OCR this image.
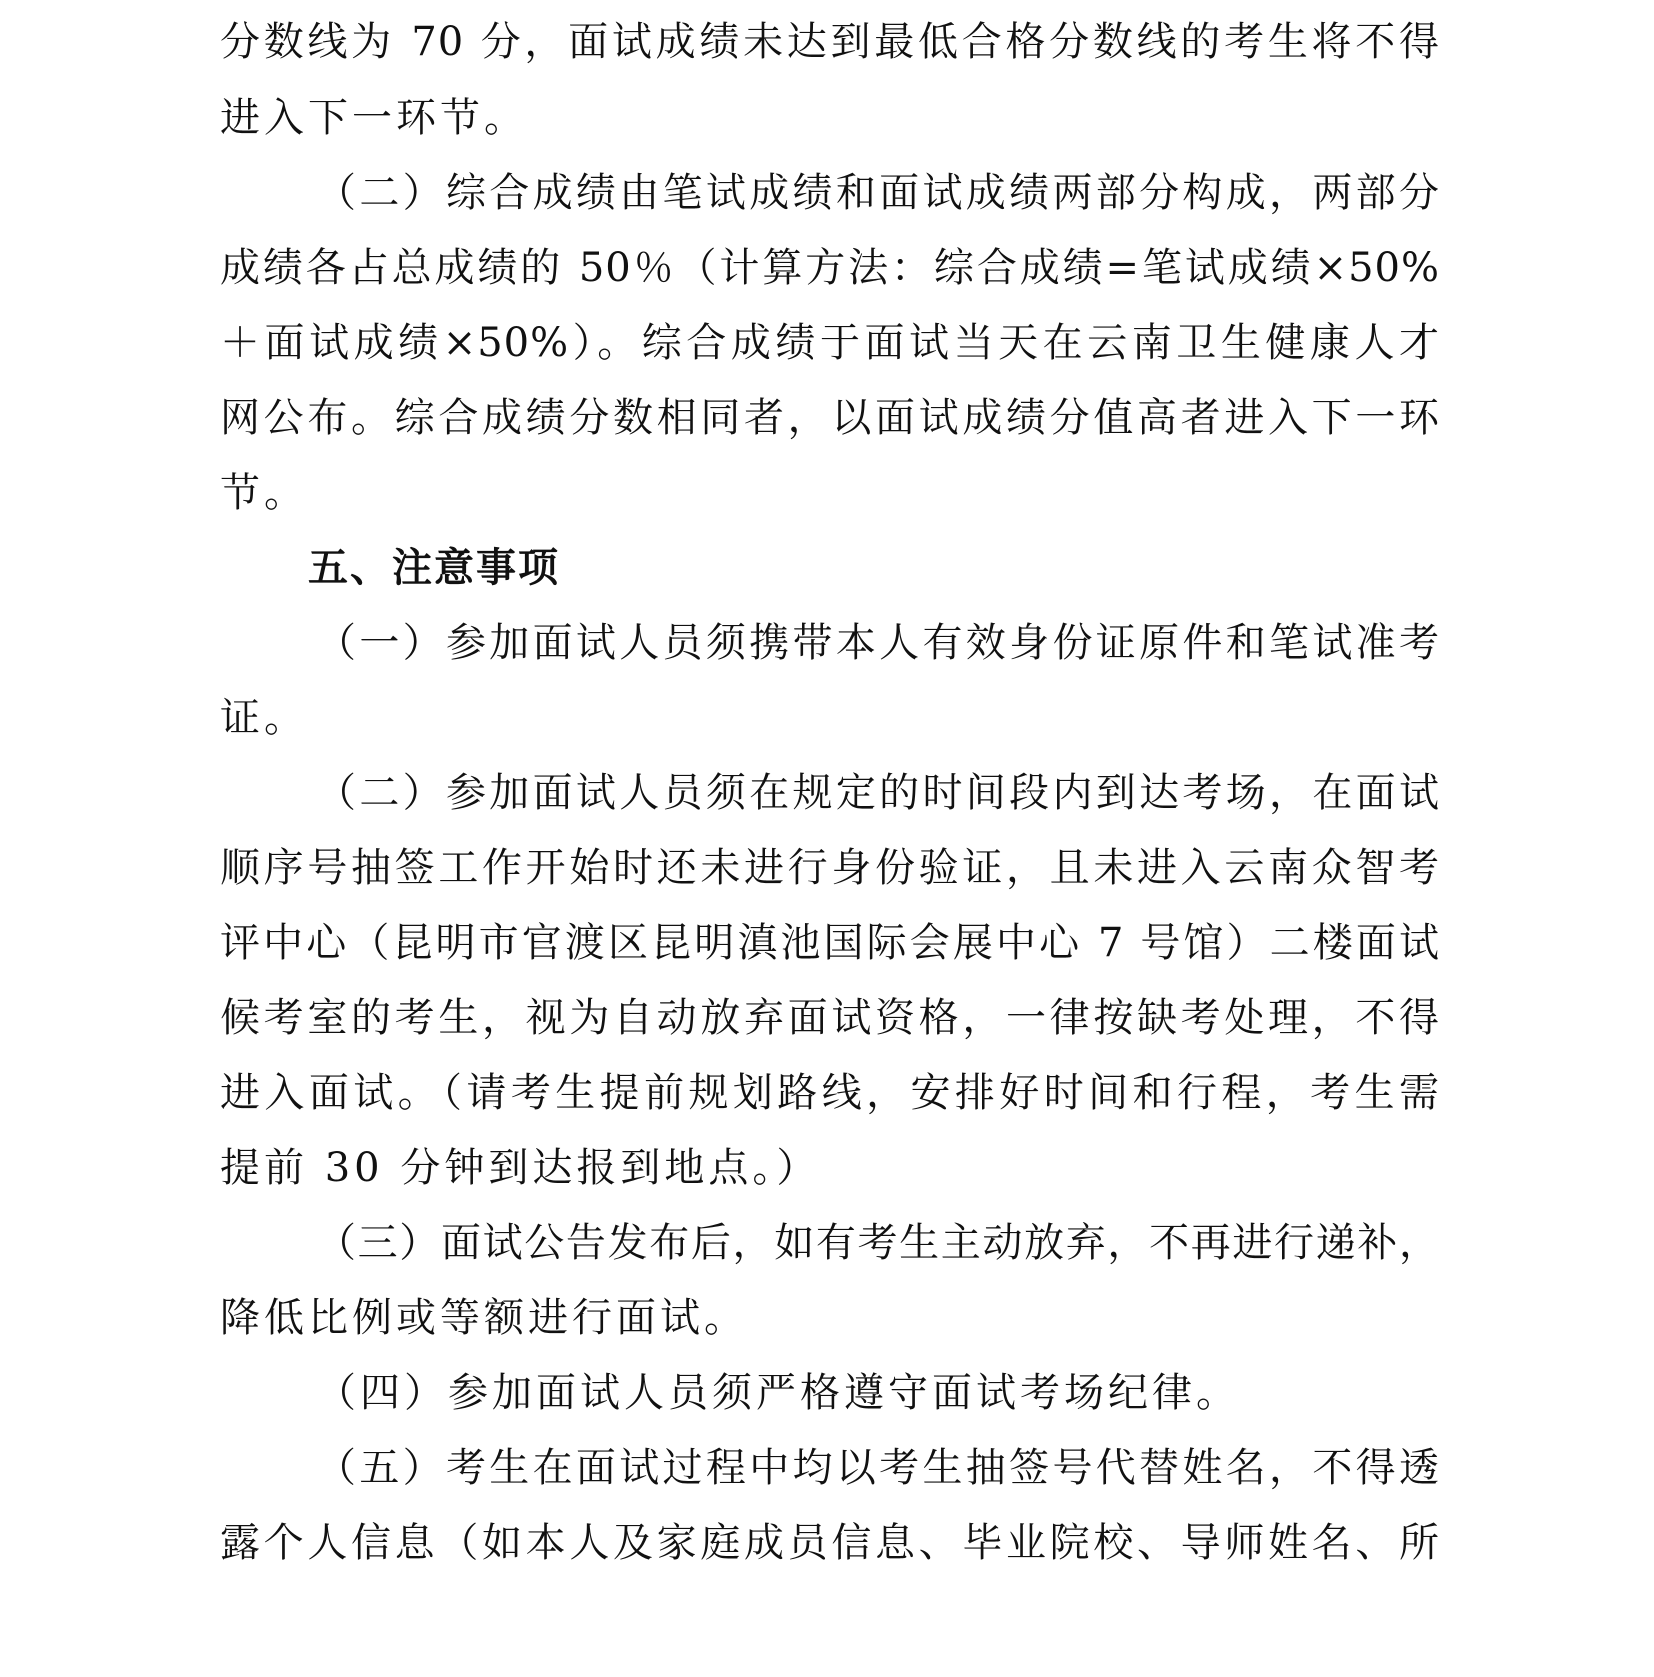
分数线为 70 分，面试成绩未达到最低合格分数线的考生将不得
进入下一环节。
（二）综合成绩由笔试成绩和面试成绩两部分构成，两部分
成绩各占总成绩的 50％（计算方法：综合成绩=笔试成绩×50%
＋面试成绩×50%）。综合成绩于面试当天在云南卫生健康人才
网公布。综合成绩分数相同者，以面试成绩分值高者进入下一环
节。
五、注意事项
（一）参加面试人员须携带本人有效身份证原件和笔试准考
证。
（二）参加面试人员须在规定的时间段内到达考场，在面试
顺序号抽签工作开始时还未进行身份验证，且未进入云南众智考
评中心（昆明市官渡区昆明滇池国际会展中心 7 号馆）二楼面试
候考室的考生，视为自动放弃面试资格，一律按缺考处理，不得
进入面试。（请考生提前规划路线，安排好时间和行程，考生需
提前 30 分钟到达报到地点。）
（三）面试公告发布后，如有考生主动放弃，不再进行递补，
降低比例或等额进行面试。
（四）参加面试人员须严格遵守面试考场纪律。
（五）考生在面试过程中均以考生抽签号代替姓名，不得透
露个人信息（如本人及家庭成员信息、毕业院校、导师姓名、所
